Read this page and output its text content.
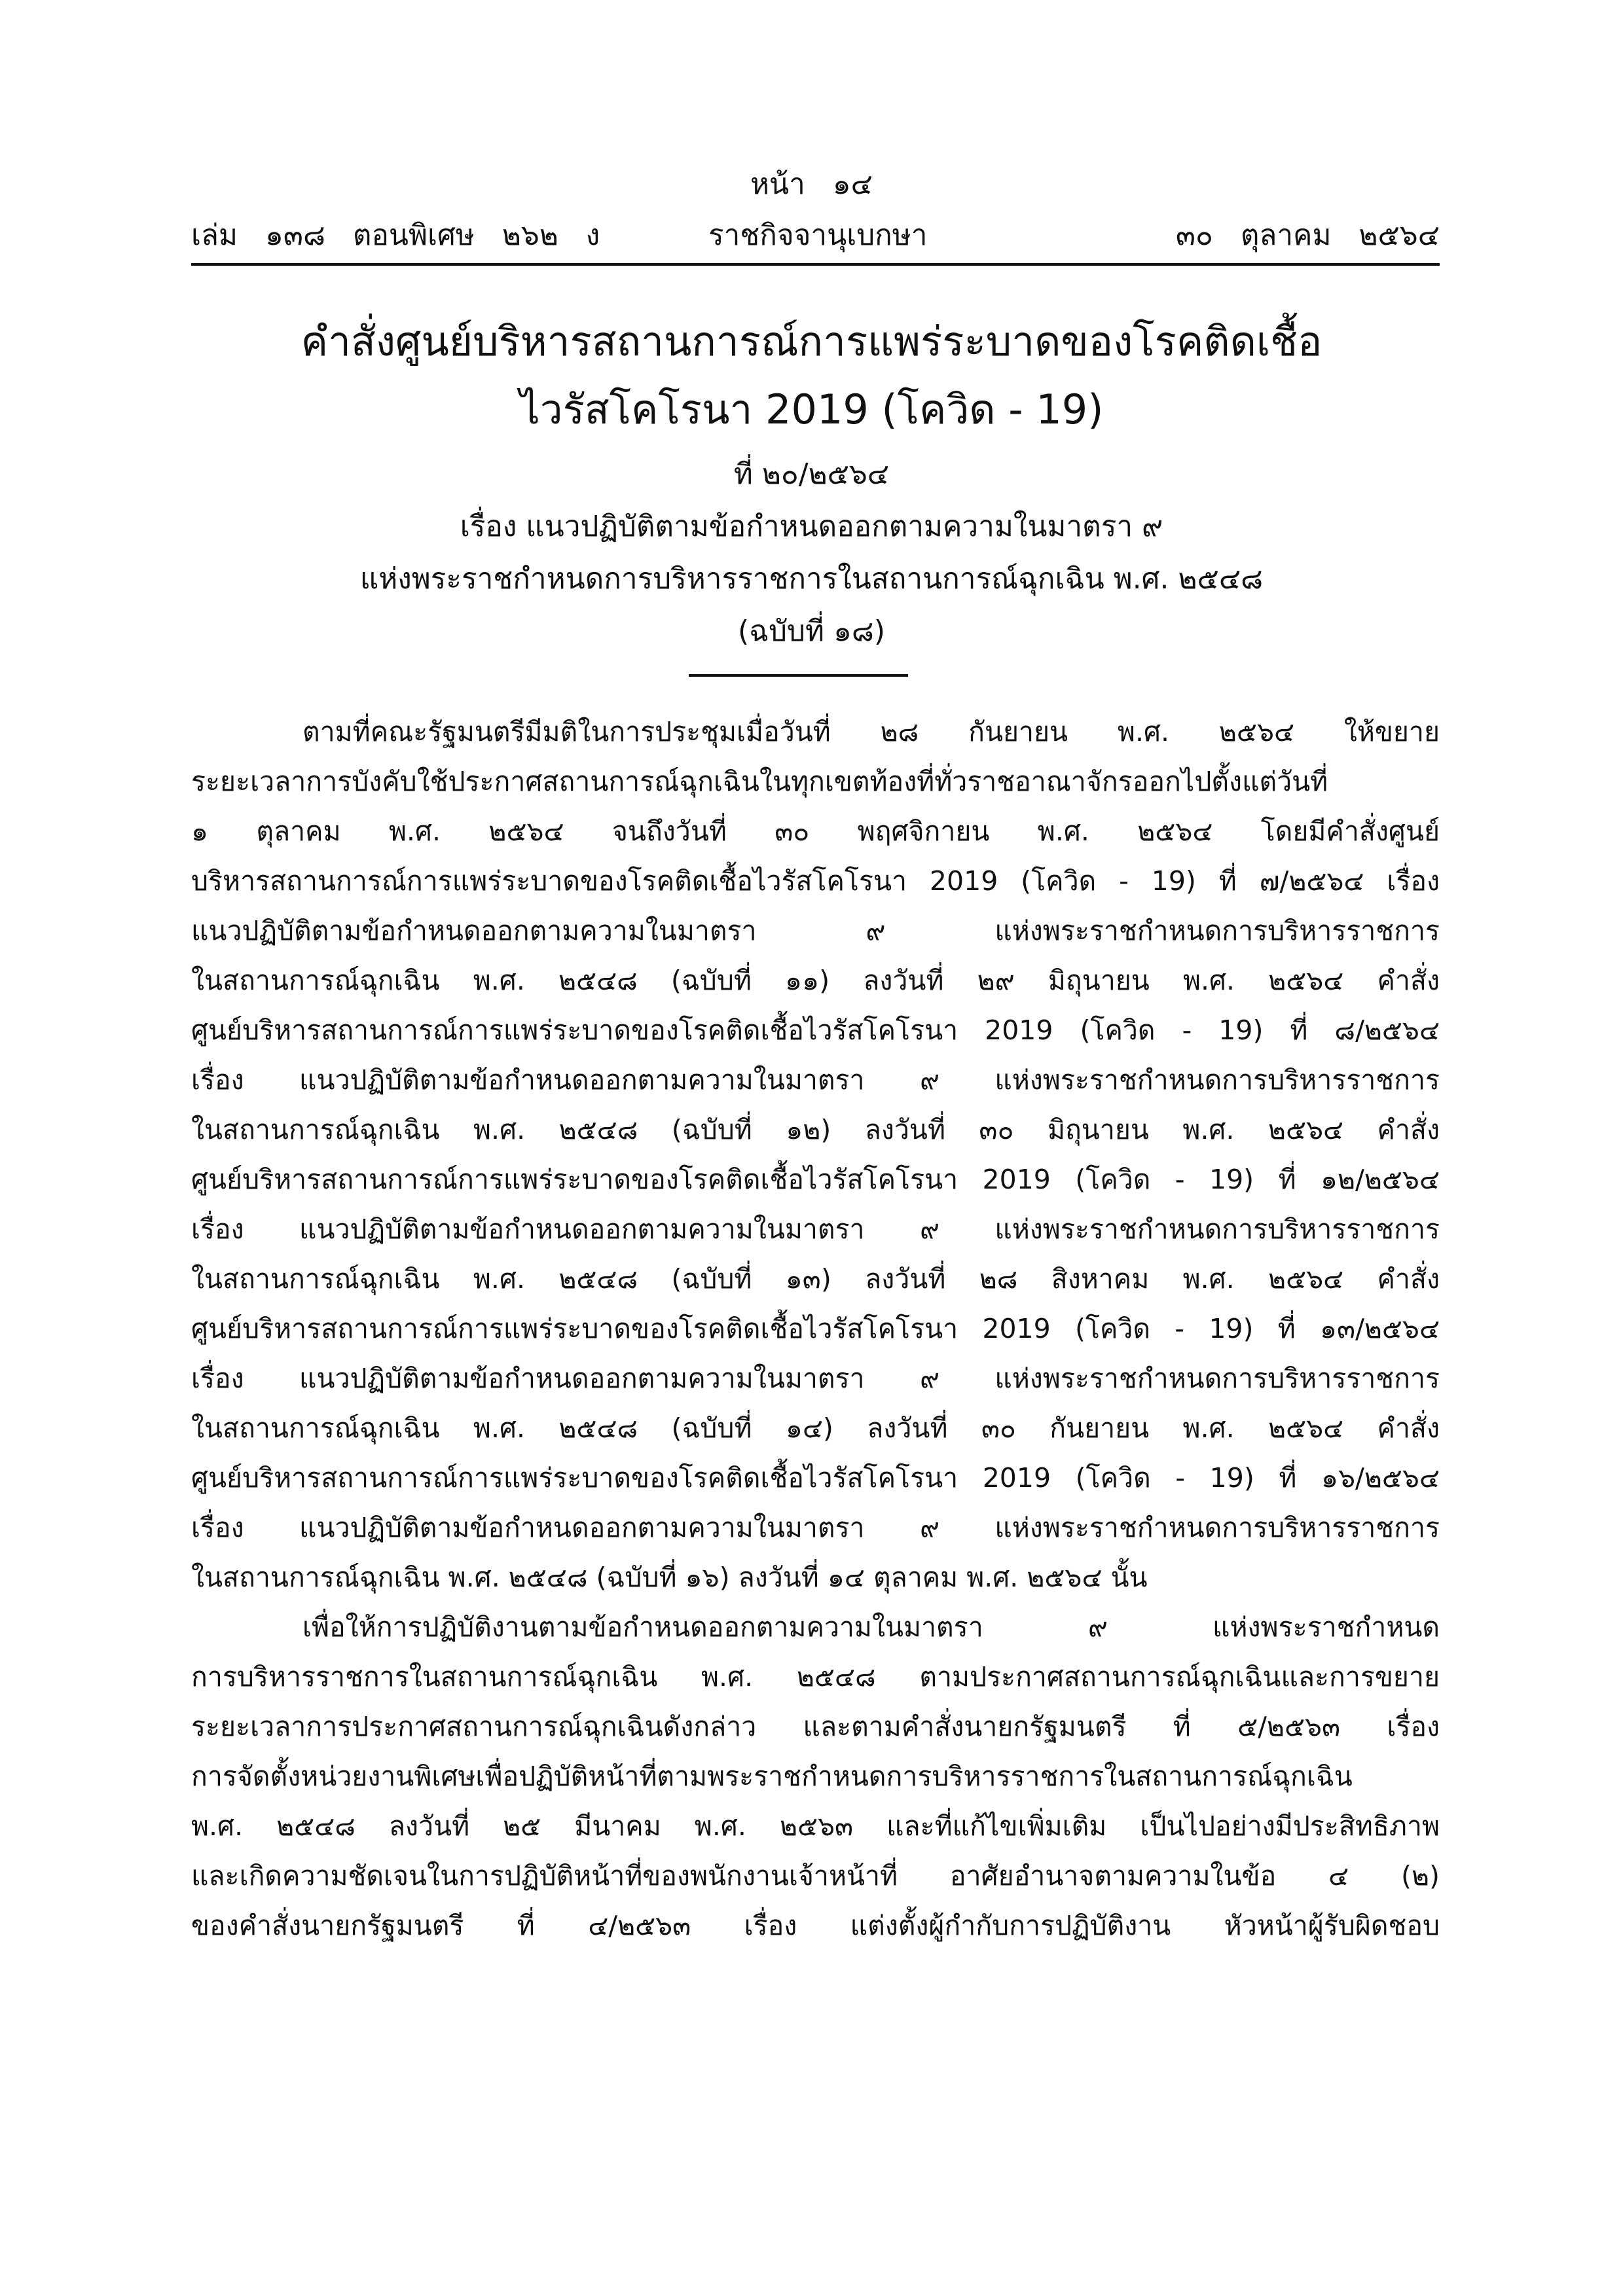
หน้า   ๑๔
เล่ม   ๑๓๘   ตอนพิเศษ   ๒๖๒   ง	ราชกิจจานุเบกษา	๓๐   ตุลาคม   ๒๕๖๔
คำสั่งศูนย์บริหารสถานการณ์การแพร่ระบาดของโรคติดเชื้อ
ไวรัสโคโรนา 2019 (โควิด - 19)
ที่ ๒๐/๒๕๖๔
เรื่อง แนวปฏิบัติตามข้อกำหนดออกตามความในมาตรา ๙
แห่งพระราชกำหนดการบริหารราชการในสถานการณ์ฉุกเฉิน พ.ศ. ๒๕๔๘
(ฉบับที่ ๑๘)

ตามที่คณะรัฐมนตรีมีมติในการประชุมเมื่อวันที่ ๒๘ กันยายน พ.ศ. ๒๕๖๔ ให้ขยาย
ระยะเวลาการบังคับใช้ประกาศสถานการณ์ฉุกเฉินในทุกเขตท้องที่ทั่วราชอาณาจักรออกไปตั้งแต่วันที่
๑ ตุลาคม พ.ศ. ๒๕๖๔ จนถึงวันที่ ๓๐ พฤศจิกายน พ.ศ. ๒๕๖๔ โดยมีคำสั่งศูนย์
บริหารสถานการณ์การแพร่ระบาดของโรคติดเชื้อไวรัสโคโรนา 2019 (โควิด - 19) ที่ ๗/๒๕๖๔ เรื่อง
แนวปฏิบัติตามข้อกำหนดออกตามความในมาตรา ๙ แห่งพระราชกำหนดการบริหารราชการ
ในสถานการณ์ฉุกเฉิน พ.ศ. ๒๕๔๘ (ฉบับที่ ๑๑) ลงวันที่ ๒๙ มิถุนายน พ.ศ. ๒๕๖๔ คำสั่ง
ศูนย์บริหารสถานการณ์การแพร่ระบาดของโรคติดเชื้อไวรัสโคโรนา 2019 (โควิด - 19) ที่ ๘/๒๕๖๔
เรื่อง แนวปฏิบัติตามข้อกำหนดออกตามความในมาตรา ๙ แห่งพระราชกำหนดการบริหารราชการ
ในสถานการณ์ฉุกเฉิน พ.ศ. ๒๕๔๘ (ฉบับที่ ๑๒) ลงวันที่ ๓๐ มิถุนายน พ.ศ. ๒๕๖๔ คำสั่ง
ศูนย์บริหารสถานการณ์การแพร่ระบาดของโรคติดเชื้อไวรัสโคโรนา 2019 (โควิด - 19) ที่ ๑๒/๒๕๖๔
เรื่อง แนวปฏิบัติตามข้อกำหนดออกตามความในมาตรา ๙ แห่งพระราชกำหนดการบริหารราชการ
ในสถานการณ์ฉุกเฉิน พ.ศ. ๒๕๔๘ (ฉบับที่ ๑๓) ลงวันที่ ๒๘ สิงหาคม พ.ศ. ๒๕๖๔ คำสั่ง
ศูนย์บริหารสถานการณ์การแพร่ระบาดของโรคติดเชื้อไวรัสโคโรนา 2019 (โควิด - 19) ที่ ๑๓/๒๕๖๔
เรื่อง แนวปฏิบัติตามข้อกำหนดออกตามความในมาตรา ๙ แห่งพระราชกำหนดการบริหารราชการ
ในสถานการณ์ฉุกเฉิน พ.ศ. ๒๕๔๘ (ฉบับที่ ๑๔) ลงวันที่ ๓๐ กันยายน พ.ศ. ๒๕๖๔ คำสั่ง
ศูนย์บริหารสถานการณ์การแพร่ระบาดของโรคติดเชื้อไวรัสโคโรนา 2019 (โควิด - 19) ที่ ๑๖/๒๕๖๔
เรื่อง แนวปฏิบัติตามข้อกำหนดออกตามความในมาตรา ๙ แห่งพระราชกำหนดการบริหารราชการ
ในสถานการณ์ฉุกเฉิน พ.ศ. ๒๕๔๘ (ฉบับที่ ๑๖) ลงวันที่ ๑๔ ตุลาคม พ.ศ. ๒๕๖๔ นั้น

เพื่อให้การปฏิบัติงานตามข้อกำหนดออกตามความในมาตรา ๙ แห่งพระราชกำหนด
การบริหารราชการในสถานการณ์ฉุกเฉิน พ.ศ. ๒๕๔๘ ตามประกาศสถานการณ์ฉุกเฉินและการขยาย
ระยะเวลาการประกาศสถานการณ์ฉุกเฉินดังกล่าว และตามคำสั่งนายกรัฐมนตรี ที่ ๕/๒๕๖๓ เรื่อง
การจัดตั้งหน่วยงานพิเศษเพื่อปฏิบัติหน้าที่ตามพระราชกำหนดการบริหารราชการในสถานการณ์ฉุกเฉิน
พ.ศ. ๒๕๔๘ ลงวันที่ ๒๕ มีนาคม พ.ศ. ๒๕๖๓ และที่แก้ไขเพิ่มเติม เป็นไปอย่างมีประสิทธิภาพ
และเกิดความชัดเจนในการปฏิบัติหน้าที่ของพนักงานเจ้าหน้าที่ อาศัยอำนาจตามความในข้อ ๔ (๒)
ของคำสั่งนายกรัฐมนตรี ที่ ๔/๒๕๖๓ เรื่อง แต่งตั้งผู้กำกับการปฏิบัติงาน หัวหน้าผู้รับผิดชอบ
